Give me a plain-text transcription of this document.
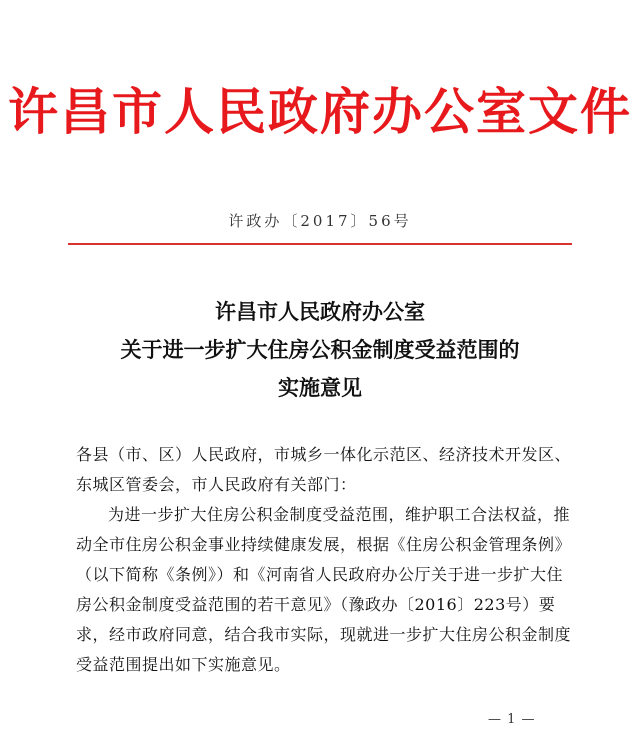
许昌市人民政府办公室文件
许政办〔2017〕56号
许昌市人民政府办公室
关于进一步扩大住房公积金制度受益范围的
实施意见

各县（市、区）人民政府，市城乡一体化示范区、经济技术开发区、东城区管委会，市人民政府有关部门：

为进一步扩大住房公积金制度受益范围，维护职工合法权益，推动全市住房公积金事业持续健康发展，根据《住房公积金管理条例》（以下简称《条例》）和《河南省人民政府办公厅关于进一步扩大住房公积金制度受益范围的若干意见》（豫政办〔2016〕223号）要求，经市政府同意，结合我市实际，现就进一步扩大住房公积金制度受益范围提出如下实施意见。

— 1 —
